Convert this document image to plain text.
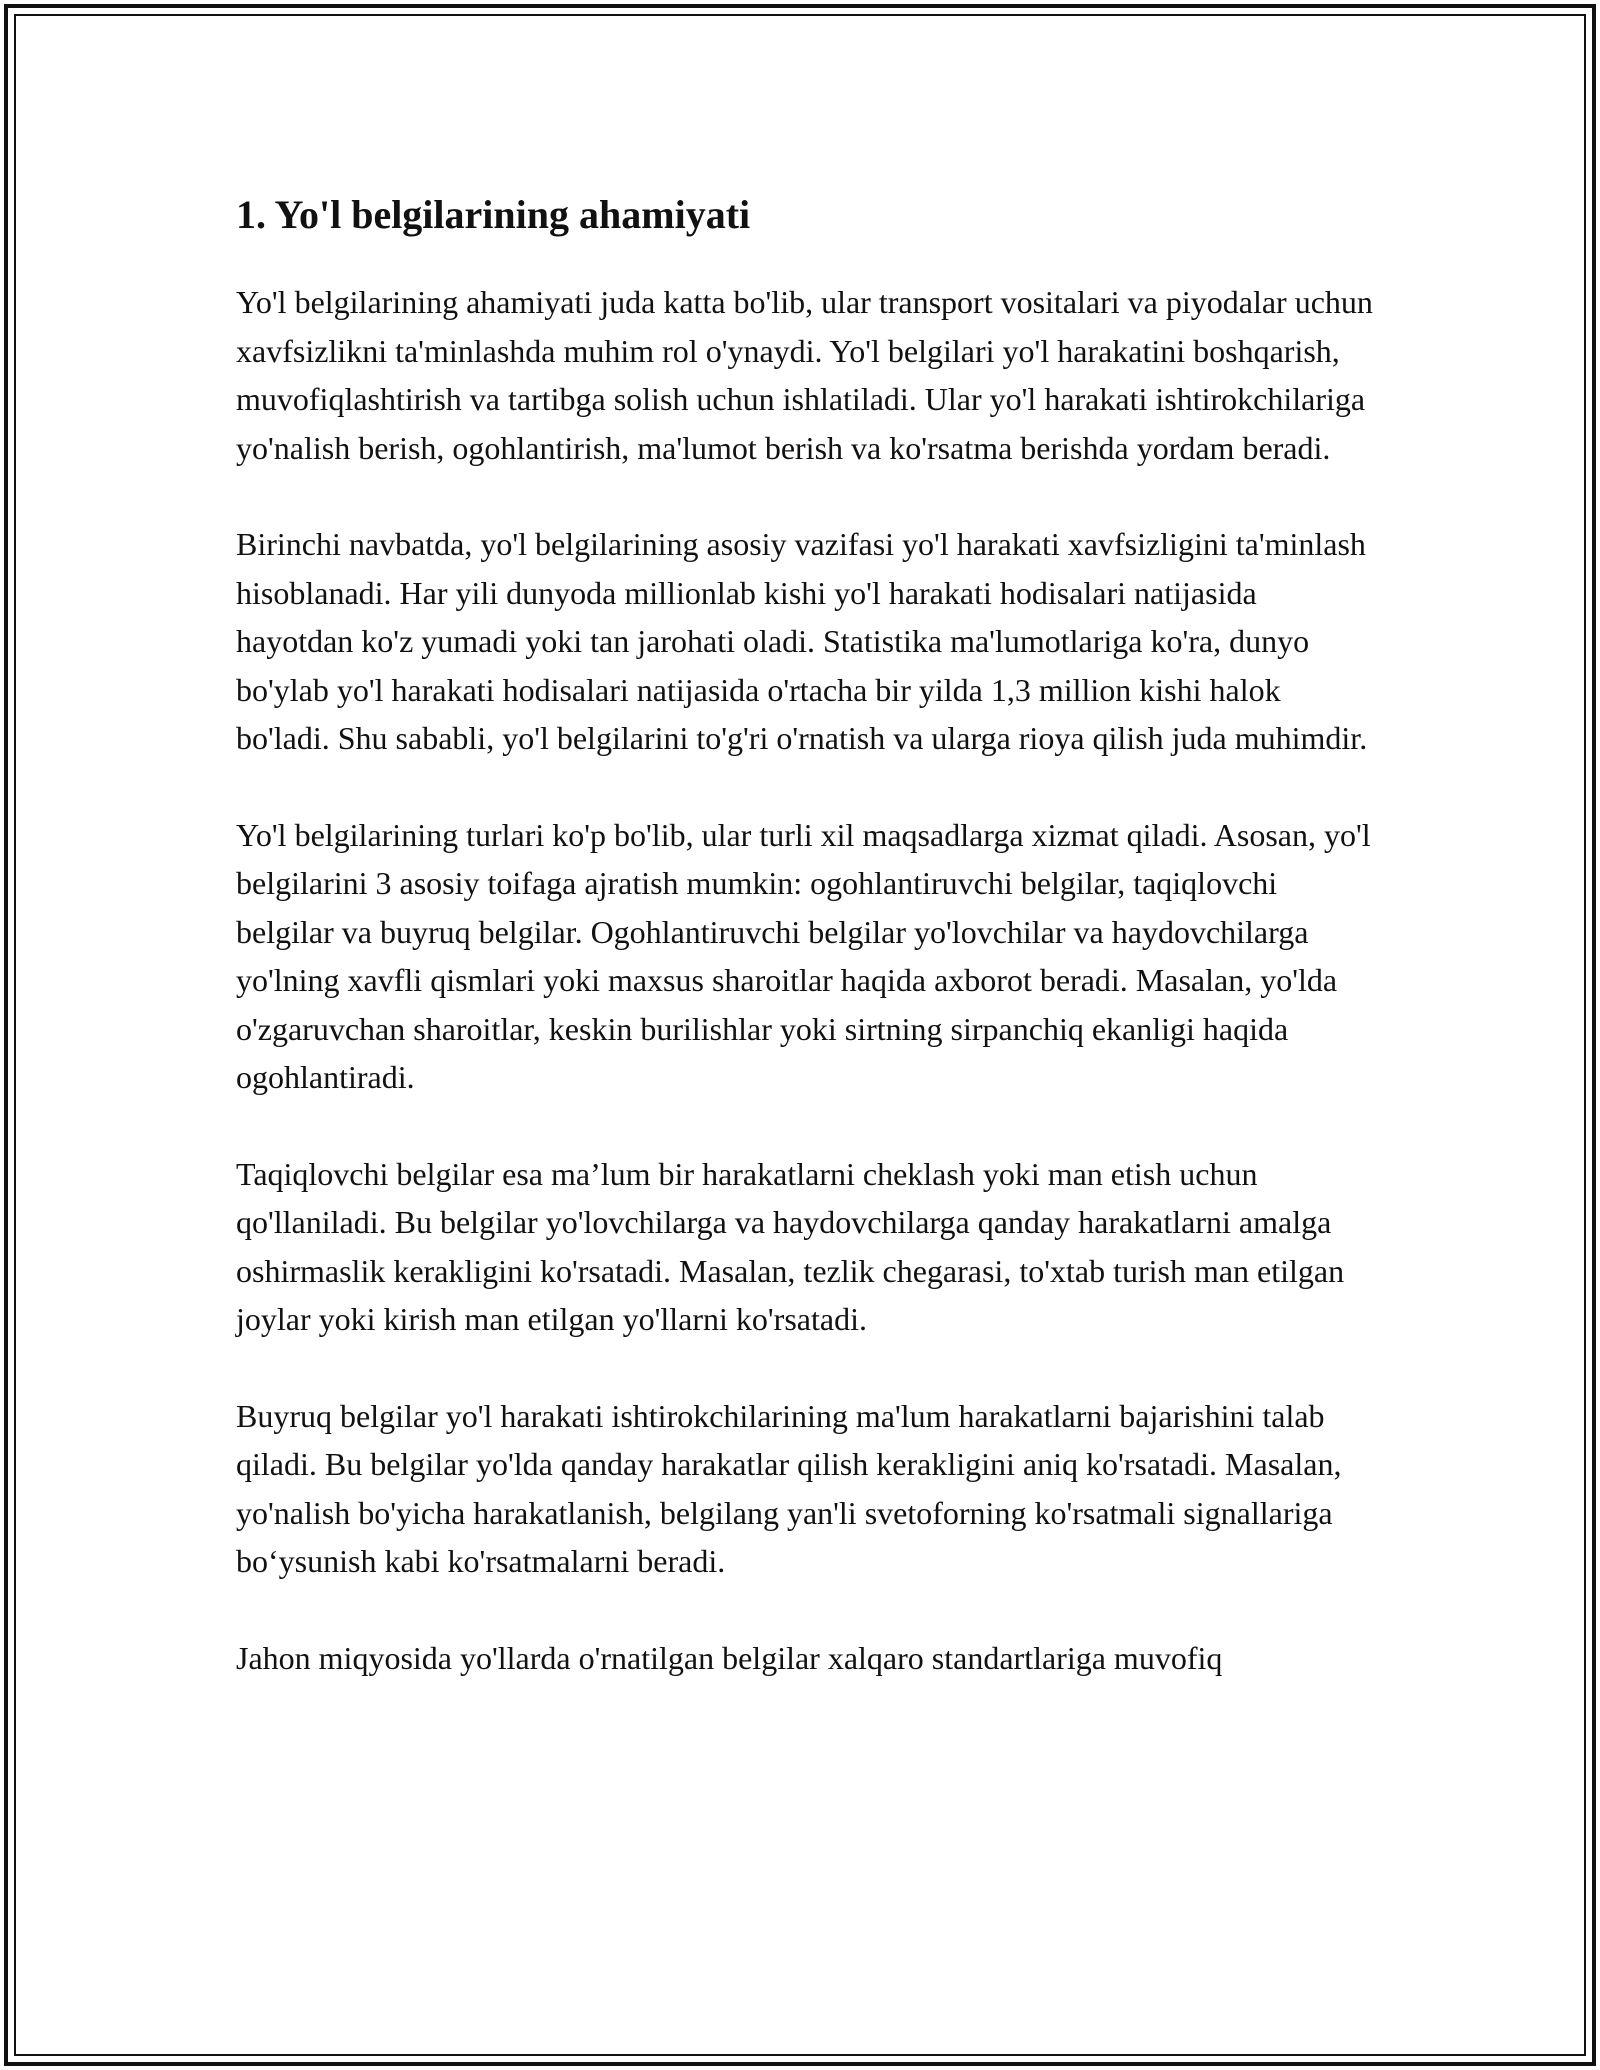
1. Yo'l belgilarining ahamiyati

Yo'l belgilarining ahamiyati juda katta bo'lib, ular transport vositalari va piyodalar uchun xavfsizlikni ta'minlashda muhim rol o'ynaydi. Yo'l belgilari yo'l harakatini boshqarish, muvofiqlashtirish va tartibga solish uchun ishlatiladi. Ular yo'l harakati ishtirokchilariga yo'nalish berish, ogohlantirish, ma'lumot berish va ko'rsatma berishda yordam beradi.

Birinchi navbatda, yo'l belgilarining asosiy vazifasi yo'l harakati xavfsizligini ta'minlash hisoblanadi. Har yili dunyoda millionlab kishi yo'l harakati hodisalari natijasida hayotdan ko'z yumadi yoki tan jarohati oladi. Statistika ma'lumotlariga ko'ra, dunyo bo'ylab yo'l harakati hodisalari natijasida o'rtacha bir yilda 1,3 million kishi halok bo'ladi. Shu sababli, yo'l belgilarini to'g'ri o'rnatish va ularga rioya qilish juda muhimdir.

Yo'l belgilarining turlari ko'p bo'lib, ular turli xil maqsadlarga xizmat qiladi. Asosan, yo'l belgilarini 3 asosiy toifaga ajratish mumkin: ogohlantiruvchi belgilar, taqiqlovchi belgilar va buyruq belgilar. Ogohlantiruvchi belgilar yo'lovchilar va haydovchilarga yo'lning xavfli qismlari yoki maxsus sharoitlar haqida axborot beradi. Masalan, yo'lda o'zgaruvchan sharoitlar, keskin burilishlar yoki sirtning sirpanchiq ekanligi haqida ogohlantiradi.

Taqiqlovchi belgilar esa ma’lum bir harakatlarni cheklash yoki man etish uchun qo'llaniladi. Bu belgilar yo'lovchilarga va haydovchilarga qanday harakatlarni amalga oshirmaslik kerakligini ko'rsatadi. Masalan, tezlik chegarasi, to'xtab turish man etilgan joylar yoki kirish man etilgan yo'llarni ko'rsatadi.

Buyruq belgilar yo'l harakati ishtirokchilarining ma'lum harakatlarni bajarishini talab qiladi. Bu belgilar yo'lda qanday harakatlar qilish kerakligini aniq ko'rsatadi. Masalan, yo'nalish bo'yicha harakatlanish, belgilang yan'li svetoforning ko'rsatmali signallariga bo‘ysunish kabi ko'rsatmalarni beradi.

Jahon miqyosida yo'llarda o'rnatilgan belgilar xalqaro standartlariga muvofiq
